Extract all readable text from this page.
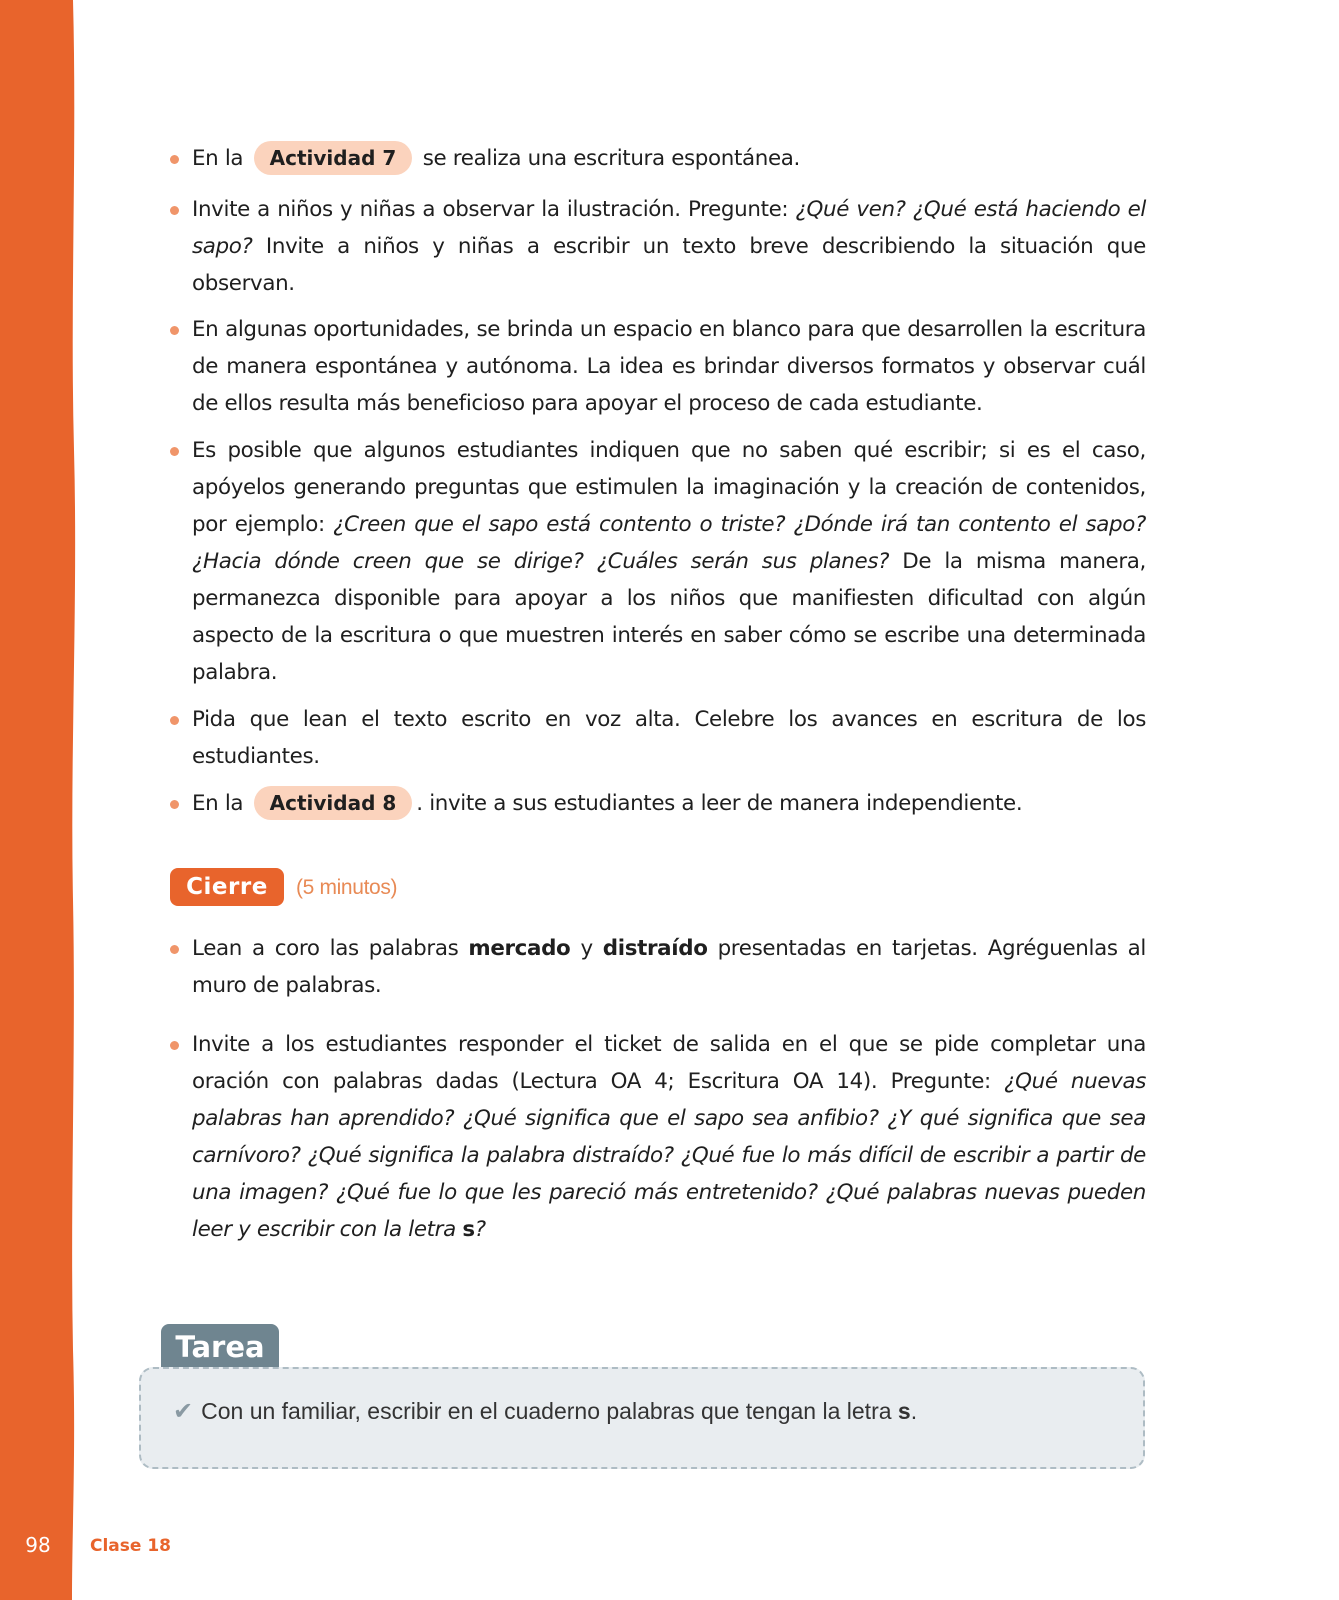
En la Actividad 7 se realiza una escritura espontánea.
Invite a niños y niñas a observar la ilustración. Pregunte: ¿Qué ven? ¿Qué está haciendo el sapo? Invite a niños y niñas a escribir un texto breve describiendo la situación que observan.
En algunas oportunidades, se brinda un espacio en blanco para que desarrollen la escritura de manera espontánea y autónoma. La idea es brindar diversos formatos y observar cuál de ellos resulta más beneficioso para apoyar el proceso de cada estudiante.
Es posible que algunos estudiantes indiquen que no saben qué escribir; si es el caso, apóyelos generando preguntas que estimulen la imaginación y la creación de contenidos, por ejemplo: ¿Creen que el sapo está contento o triste? ¿Dónde irá tan contento el sapo? ¿Hacia dónde creen que se dirige? ¿Cuáles serán sus planes? De la misma manera, permanezca disponible para apoyar a los niños que manifiesten dificultad con algún aspecto de la escritura o que muestren interés en saber cómo se escribe una determinada palabra.
Pida que lean el texto escrito en voz alta. Celebre los avances en escritura de los estudiantes.
En la Actividad 8 . invite a sus estudiantes a leer de manera independiente.
Cierre	(5 minutos)
Lean a coro las palabras mercado y distraído presentadas en tarjetas. Agréguenlas al muro de palabras.
Invite a los estudiantes responder el ticket de salida en el que se pide completar una oración con palabras dadas (Lectura OA 4; Escritura OA 14). Pregunte: ¿Qué nuevas palabras han aprendido? ¿Qué significa que el sapo sea anfibio? ¿Y qué significa que sea carnívoro? ¿Qué significa la palabra distraído? ¿Qué fue lo más difícil de escribir a partir de una imagen? ¿Qué fue lo que les pareció más entretenido? ¿Qué palabras nuevas pueden leer y escribir con la letra s?
Tarea
✔ Con un familiar, escribir en el cuaderno palabras que tengan la letra s.
98	Clase 18
